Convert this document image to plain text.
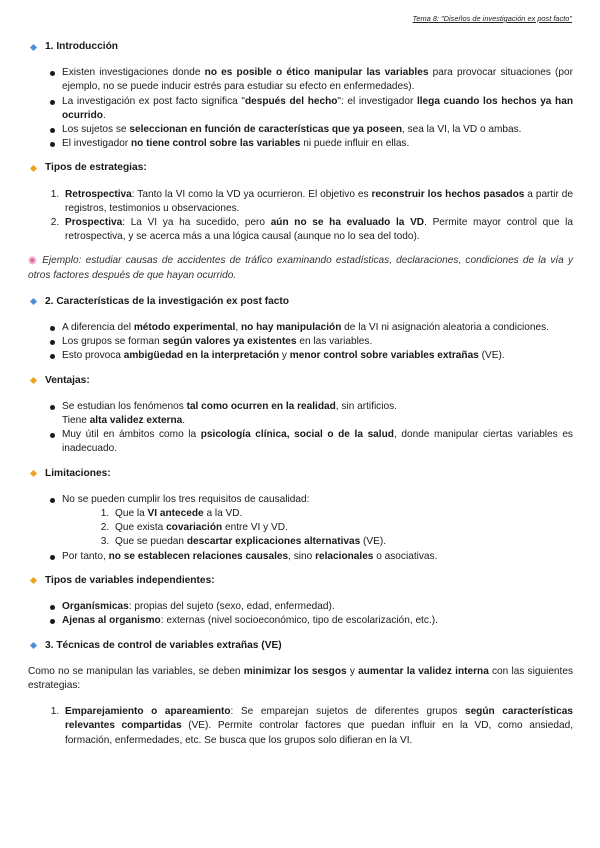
Tema 8: "Diseños de investigación ex post facto"
1. Introducción
Existen investigaciones donde no es posible o ético manipular las variables para provocar situaciones (por ejemplo, no se puede inducir estrés para estudiar su efecto en enfermedades).
La investigación ex post facto significa "después del hecho": el investigador llega cuando los hechos ya han ocurrido.
Los sujetos se seleccionan en función de características que ya poseen, sea la VI, la VD o ambas.
El investigador no tiene control sobre las variables ni puede influir en ellas.
Tipos de estrategias:
1. Retrospectiva: Tanto la VI como la VD ya ocurrieron. El objetivo es reconstruir los hechos pasados a partir de registros, testimonios u observaciones.
2. Prospectiva: La VI ya ha sucedido, pero aún no se ha evaluado la VD. Permite mayor control que la retrospectiva, y se acerca más a una lógica causal (aunque no lo sea del todo).
◉ Ejemplo: estudiar causas de accidentes de tráfico examinando estadísticas, declaraciones, condiciones de la vía y otros factores después de que hayan ocurrido.
2. Características de la investigación ex post facto
A diferencia del método experimental, no hay manipulación de la VI ni asignación aleatoria a condiciones.
Los grupos se forman según valores ya existentes en las variables.
Esto provoca ambigüedad en la interpretación y menor control sobre variables extrañas (VE).
Ventajas:
Se estudian los fenómenos tal como ocurren en la realidad, sin artificios.
Tiene alta validez externa.
Muy útil en ámbitos como la psicología clínica, social o de la salud, donde manipular ciertas variables es inadecuado.
Limitaciones:
No se pueden cumplir los tres requisitos de causalidad:
1. Que la VI antecede a la VD.
2. Que exista covariación entre VI y VD.
3. Que se puedan descartar explicaciones alternativas (VE).
Por tanto, no se establecen relaciones causales, sino relacionales o asociativas.
Tipos de variables independientes:
Organísmicas: propias del sujeto (sexo, edad, enfermedad).
Ajenas al organismo: externas (nivel socioeconómico, tipo de escolarización, etc.).
3. Técnicas de control de variables extrañas (VE)

Como no se manipulan las variables, se deben minimizar los sesgos y aumentar la validez interna con las siguientes estrategias:

1. Emparejamiento o apareamiento: Se emparejan sujetos de diferentes grupos según características relevantes compartidas (VE). Permite controlar factores que puedan influir en la VD, como ansiedad, formación, enfermedades, etc. Se busca que los grupos solo difieran en la VI.
